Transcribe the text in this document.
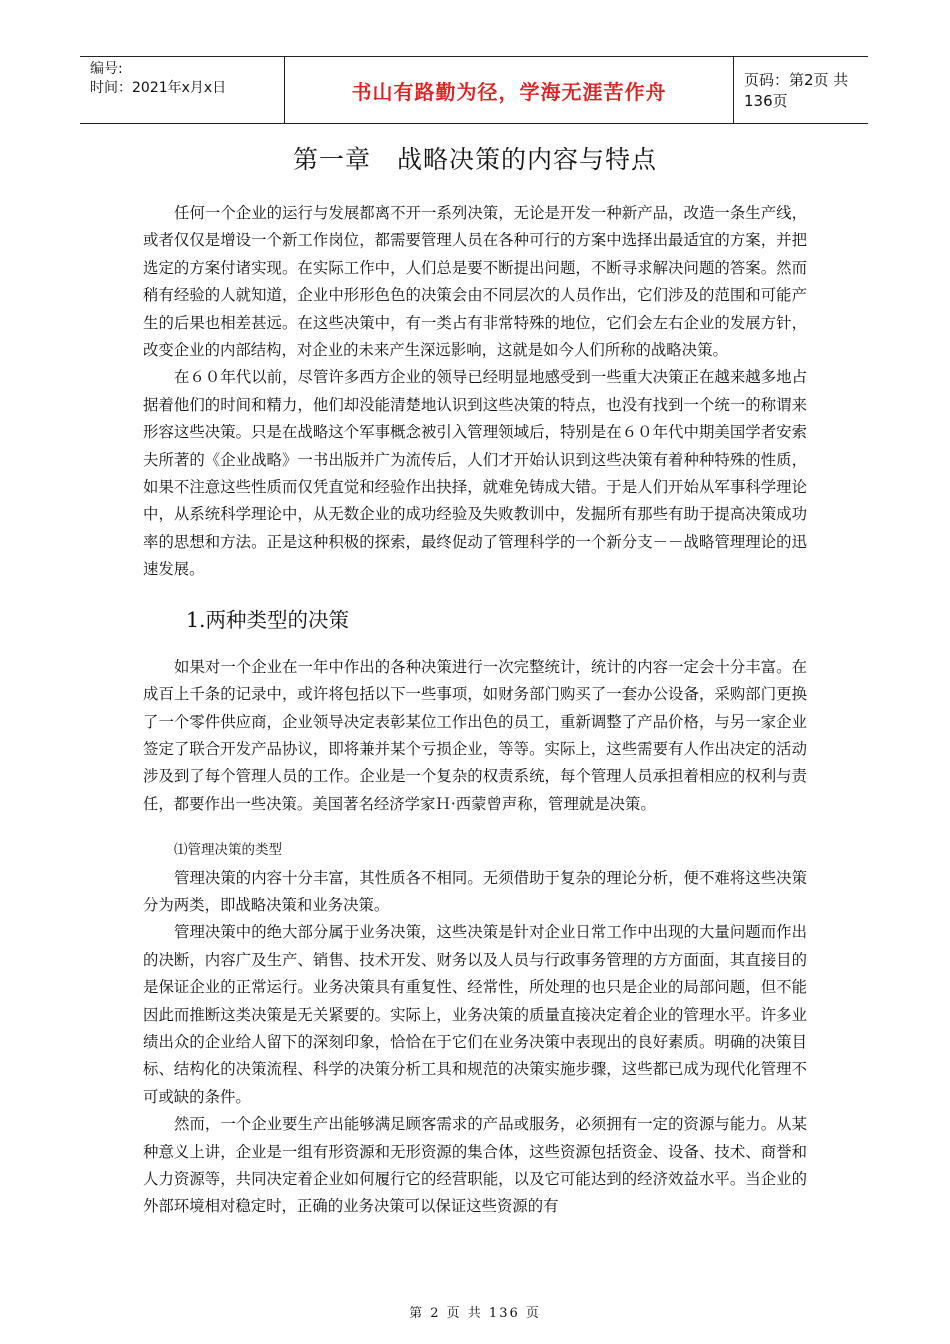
编号:
时间：2021年x月x日	书山有路勤为径，学海无涯苦作舟	页码：第2页 共136页
第一章　战略决策的内容与特点

任何一个企业的运行与发展都离不开一系列决策，无论是开发一种新产品，改造一条生产线，或者仅仅是增设一个新工作岗位，都需要管理人员在各种可行的方案中选择出最适宜的方案，并把选定的方案付诸实现。在实际工作中，人们总是要不断提出问题，不断寻求解决问题的答案。然而稍有经验的人就知道，企业中形形色色的决策会由不同层次的人员作出，它们涉及的范围和可能产生的后果也相差甚远。在这些决策中，有一类占有非常特殊的地位，它们会左右企业的发展方针，改变企业的内部结构，对企业的未来产生深远影响，这就是如今人们所称的战略决策。

在６０年代以前，尽管许多西方企业的领导已经明显地感受到一些重大决策正在越来越多地占据着他们的时间和精力，他们却没能清楚地认识到这些决策的特点，也没有找到一个统一的称谓来形容这些决策。只是在战略这个军事概念被引入管理领域后，特别是在６０年代中期美国学者安索夫所著的《企业战略》一书出版并广为流传后，人们才开始认识到这些决策有着种种特殊的性质，如果不注意这些性质而仅凭直觉和经验作出抉择，就难免铸成大错。于是人们开始从军事科学理论中，从系统科学理论中，从无数企业的成功经验及失败教训中，发掘所有那些有助于提高决策成功率的思想和方法。正是这种积极的探索，最终促动了管理科学的一个新分支－－战略管理理论的迅速发展。

1.两种类型的决策

如果对一个企业在一年中作出的各种决策进行一次完整统计，统计的内容一定会十分丰富。在成百上千条的记录中，或许将包括以下一些事项，如财务部门购买了一套办公设备，采购部门更换了一个零件供应商，企业领导决定表彰某位工作出色的员工，重新调整了产品价格，与另一家企业签定了联合开发产品协议，即将兼并某个亏损企业，等等。实际上，这些需要有人作出决定的活动涉及到了每个管理人员的工作。企业是一个复杂的权责系统，每个管理人员承担着相应的权利与责任，都要作出一些决策。美国著名经济学家Ｈ·西蒙曾声称，管理就是决策。

⑴管理决策的类型

管理决策的内容十分丰富，其性质各不相同。无须借助于复杂的理论分析，便不难将这些决策分为两类，即战略决策和业务决策。

管理决策中的绝大部分属于业务决策，这些决策是针对企业日常工作中出现的大量问题而作出的决断，内容广及生产、销售、技术开发、财务以及人员与行政事务管理的方方面面，其直接目的是保证企业的正常运行。业务决策具有重复性、经常性，所处理的也只是企业的局部问题，但不能因此而推断这类决策是无关紧要的。实际上，业务决策的质量直接决定着企业的管理水平。许多业绩出众的企业给人留下的深刻印象，恰恰在于它们在业务决策中表现出的良好素质。明确的决策目标、结构化的决策流程、科学的决策分析工具和规范的决策实施步骤，这些都已成为现代化管理不可或缺的条件。

然而，一个企业要生产出能够满足顾客需求的产品或服务，必须拥有一定的资源与能力。从某种意义上讲，企业是一组有形资源和无形资源的集合体，这些资源包括资金、设备、技术、商誉和人力资源等，共同决定着企业如何履行它的经营职能，以及它可能达到的经济效益水平。当企业的外部环境相对稳定时，正确的业务决策可以保证这些资源的有

第 2 页 共 136 页
